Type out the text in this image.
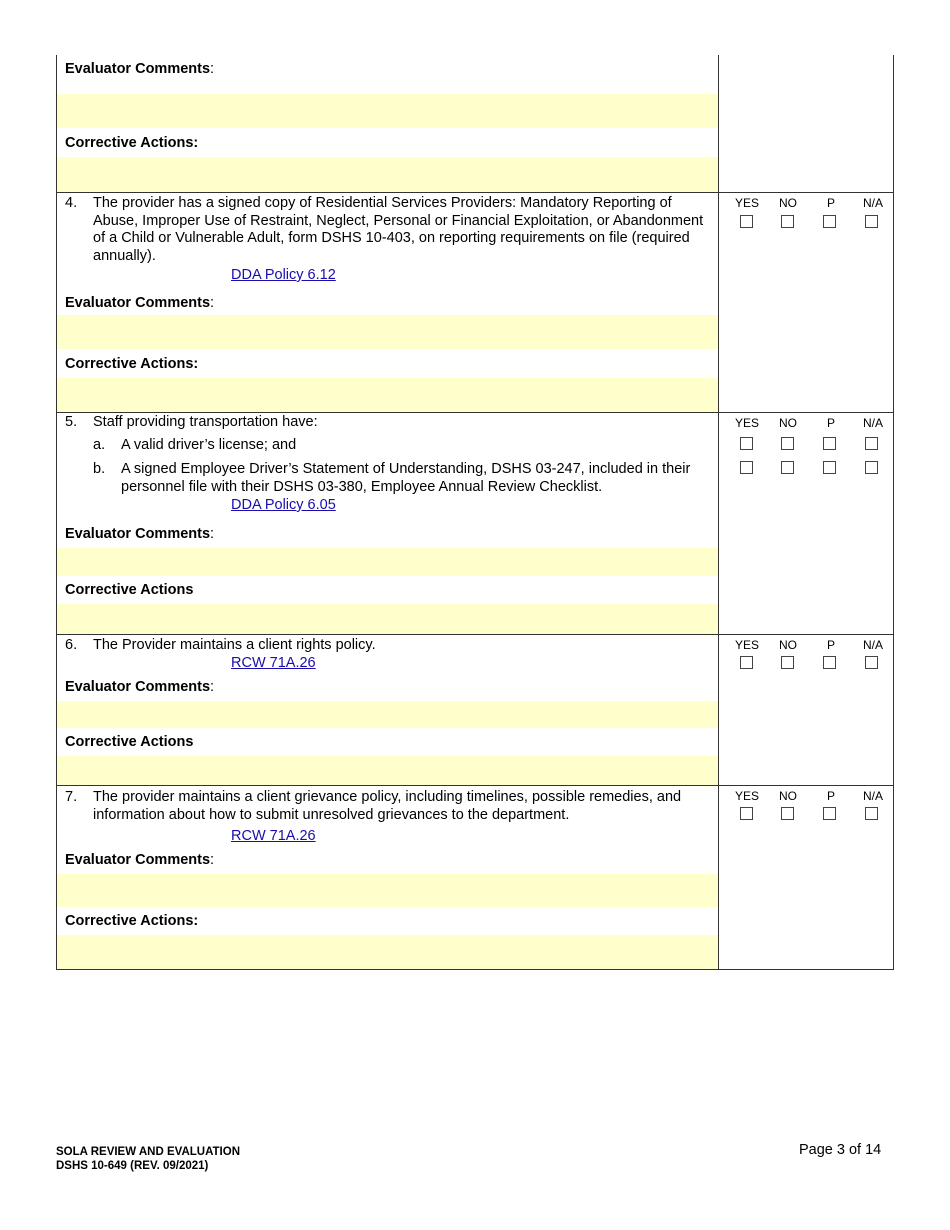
Evaluator Comments :
Corrective Actions:
4. The provider has a signed copy of Residential Services Providers: Mandatory Reporting of Abuse, Improper Use of Restraint, Neglect, Personal or Financial Exploitation, or Abandonment of a Child or Vulnerable Adult, form DSHS 10-403, on reporting requirements on file (required annually).
DDA Policy 6.12
Evaluator Comments :
Corrective Actions:
YES NO	P N/A
5. Staff providing transportation have:
a. A valid driver’s license; and
b. A signed Employee Driver’s Statement of Understanding, DSHS 03-247, included in their personnel file with their DSHS 03-380, Employee Annual Review Checklist.
DDA Policy 6.05
Evaluator Comments :
Corrective Actions
YES NO	P N/A
6. The Provider maintains a client rights policy.
RCW 71A.26
Evaluator Comments :
Corrective Actions
YES NO	P N/A
7. The provider maintains a client grievance policy, including timelines, possible remedies, and information about how to submit unresolved grievances to the department.
RCW 71A.26
Evaluator Comments :
Corrective Actions:
YES NO	P N/A
SOLA REVIEW AND EVALUATION
DSHS 10-649 (REV. 09/2021)
Page 3 of 14
